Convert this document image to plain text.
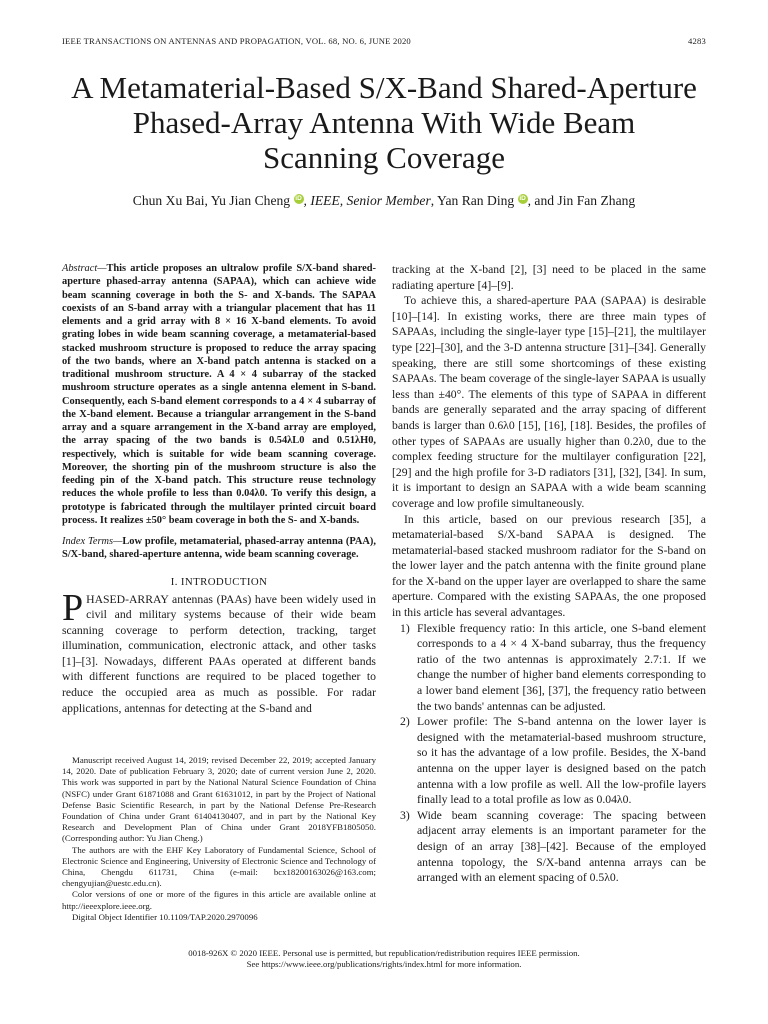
IEEE TRANSACTIONS ON ANTENNAS AND PROPAGATION, VOL. 68, NO. 6, JUNE 2020	4283
A Metamaterial-Based S/X-Band Shared-Aperture
Phased-Array Antenna With Wide Beam
Scanning Coverage
Chun Xu Bai, Yu Jian Cheng iD , IEEE, Senior Member, Yan Ran Ding iD , and Jin Fan Zhang
Abstract—This article proposes an ultralow profile S/X-band shared-aperture phased-array antenna (SAPAA), which can achieve wide beam scanning coverage in both the S- and X-bands. The SAPAA coexists of an S-band array with a triangular placement that has 11 elements and a grid array with 8 × 16 X-band elements. To avoid grating lobes in wide beam scanning coverage, a metamaterial-based stacked mushroom structure is proposed to reduce the array spacing of the two bands, where an X-band patch antenna is stacked on a traditional mushroom structure. A 4 × 4 subarray of the stacked mushroom structure operates as a single antenna element in S-band. Consequently, each S-band element corresponds to a 4 × 4 subarray of the X-band element. Because a triangular arrangement in the S-band array and a square arrangement in the X-band array are employed, the array spacing of the two bands is 0.54λL0 and 0.51λH0, respectively, which is suitable for wide beam scanning coverage. Moreover, the shorting pin of the mushroom structure is also the feeding pin of the X-band patch. This structure reuse technology reduces the whole profile to less than 0.04λ0. To verify this design, a prototype is fabricated through the multilayer printed circuit board process. It realizes ±50° beam coverage in both the S- and X-bands.
Index Terms—Low profile, metamaterial, phased-array antenna (PAA), S/X-band, shared-aperture antenna, wide beam scanning coverage.
I. INTRODUCTION

PHASED-ARRAY antennas (PAAs) have been widely used in civil and military systems because of their wide beam scanning coverage to perform detection, tracking, target illumination, communication, electronic attack, and other tasks [1]–[3]. Nowadays, different PAAs operated at different bands with different functions are required to be placed together to reduce the occupied area as much as possible. For radar applications, antennas for detecting at the S-band and

Manuscript received August 14, 2019; revised December 22, 2019; accepted January 14, 2020. Date of publication February 3, 2020; date of current version June 2, 2020. This work was supported in part by the National Natural Science Foundation of China (NSFC) under Grant 61871088 and Grant 61631012, in part by the Project of National Defense Basic Scientific Research, in part by the National Defense Pre-Research Foundation of China under Grant 61404130407, and in part by the National Key Research and Development Plan of China under Grant 2018YFB1805050. (Corresponding author: Yu Jian Cheng.)

The authors are with the EHF Key Laboratory of Fundamental Science, School of Electronic Science and Engineering, University of Electronic Science and Technology of China, Chengdu 611731, China (e-mail: bcx18200163026@163.com; chengyujian@uestc.edu.cn).

Color versions of one or more of the figures in this article are available online at http://ieeexplore.ieee.org.

Digital Object Identifier 10.1109/TAP.2020.2970096

tracking at the X-band [2], [3] need to be placed in the same radiating aperture [4]–[9].

To achieve this, a shared-aperture PAA (SAPAA) is desirable [10]–[14]. In existing works, there are three main types of SAPAAs, including the single-layer type [15]–[21], the multilayer type [22]–[30], and the 3-D antenna structure [31]–[34]. Generally speaking, there are still some shortcomings of these existing SAPAAs. The beam coverage of the single-layer SAPAA is usually less than ±40°. The elements of this type of SAPAA in different bands are generally separated and the array spacing of different bands is larger than 0.6λ0 [15], [16], [18]. Besides, the profiles of other types of SAPAAs are usually higher than 0.2λ0, due to the complex feeding structure for the multilayer configuration [22], [29] and the high profile for 3-D radiators [31], [32], [34]. In sum, it is important to design an SAPAA with a wide beam scanning coverage and low profile simultaneously.

In this article, based on our previous research [35], a metamaterial-based S/X-band SAPAA is designed. The metamaterial-based stacked mushroom radiator for the S-band on the lower layer and the patch antenna with the finite ground plane for the X-band on the upper layer are overlapped to share the same aperture. Compared with the existing SAPAAs, the one proposed in this article has several advantages.

1) Flexible frequency ratio: In this article, one S-band element corresponds to a 4 × 4 X-band subarray, thus the frequency ratio of the two antennas is approximately 2.7:1. If we change the number of higher band elements corresponding to a lower band element [36], [37], the frequency ratio between the two bands' antennas can be adjusted.
2) Lower profile: The S-band antenna on the lower layer is designed with the metamaterial-based mushroom structure, so it has the advantage of a low profile. Besides, the X-band antenna on the upper layer is designed based on the patch antenna with a low profile as well. All the low-profile layers finally lead to a total profile as low as 0.04λ0.
3) Wide beam scanning coverage: The spacing between adjacent array elements is an important parameter for the design of an array [38]–[42]. Because of the employed antenna topology, the S/X-band antenna arrays can be arranged with an element spacing of 0.5λ0.
0018-926X © 2020 IEEE. Personal use is permitted, but republication/redistribution requires IEEE permission.
See https://www.ieee.org/publications/rights/index.html for more information.
